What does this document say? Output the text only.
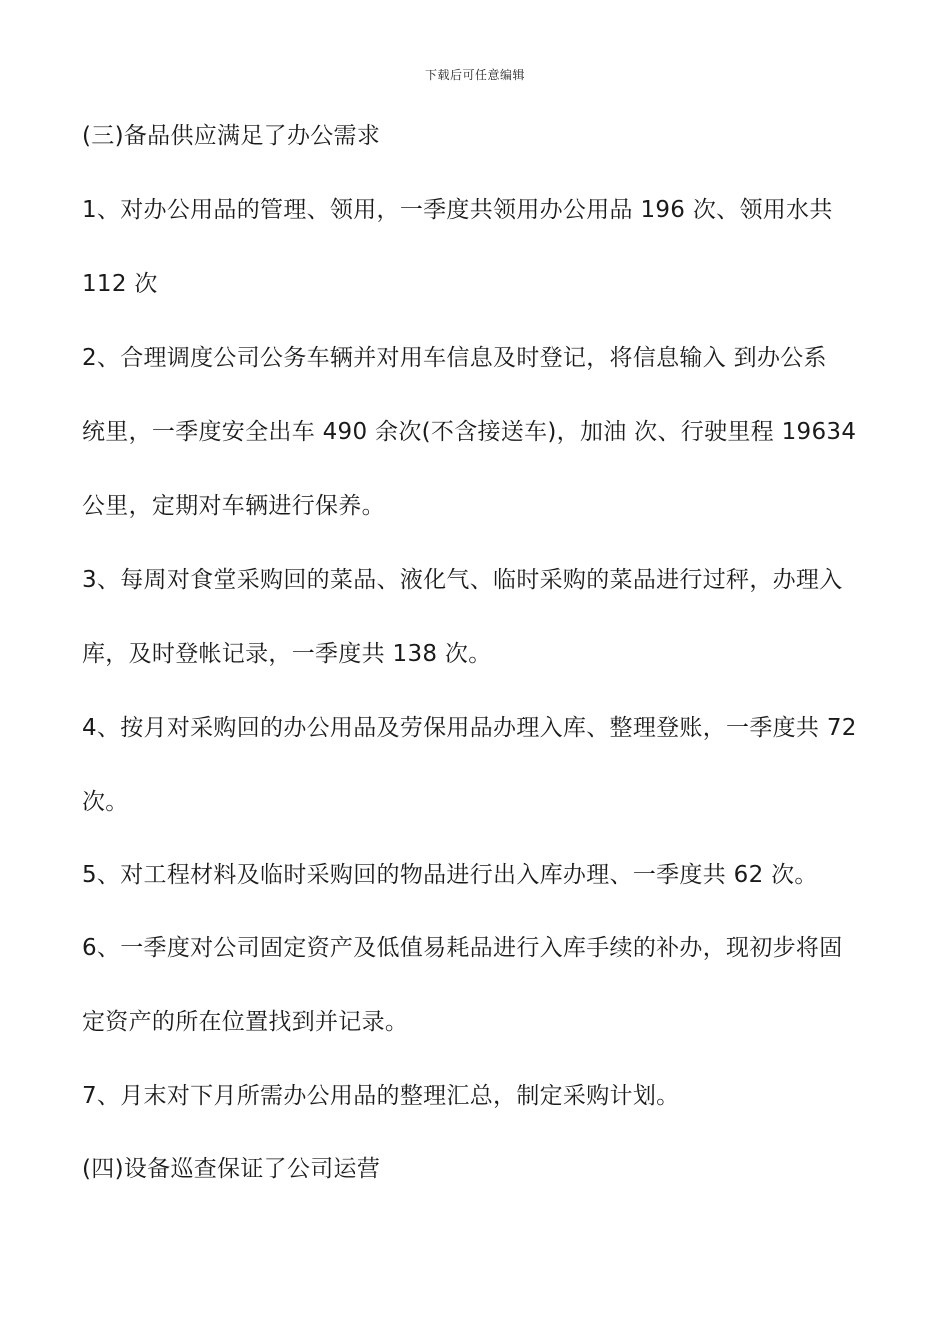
下载后可任意编辑
(三)备品供应满足了办公需求
1、对办公用品的管理、领用，一季度共领用办公用品 196 次、领用水共
112 次
2、合理调度公司公务车辆并对用车信息及时登记，将信息输入 到办公系
统里，一季度安全出车 490 余次(不含接送车)，加油 次、行驶里程 19634
公里，定期对车辆进行保养。
3、每周对食堂采购回的菜品、液化气、临时采购的菜品进行过秤，办理入
库，及时登帐记录，一季度共 138 次。
4、按月对采购回的办公用品及劳保用品办理入库、整理登账，一季度共 72
次。
5、对工程材料及临时采购回的物品进行出入库办理、一季度共 62 次。
6、一季度对公司固定资产及低值易耗品进行入库手续的补办，现初步将固
定资产的所在位置找到并记录。
7、月末对下月所需办公用品的整理汇总，制定采购计划。
(四)设备巡查保证了公司运营
